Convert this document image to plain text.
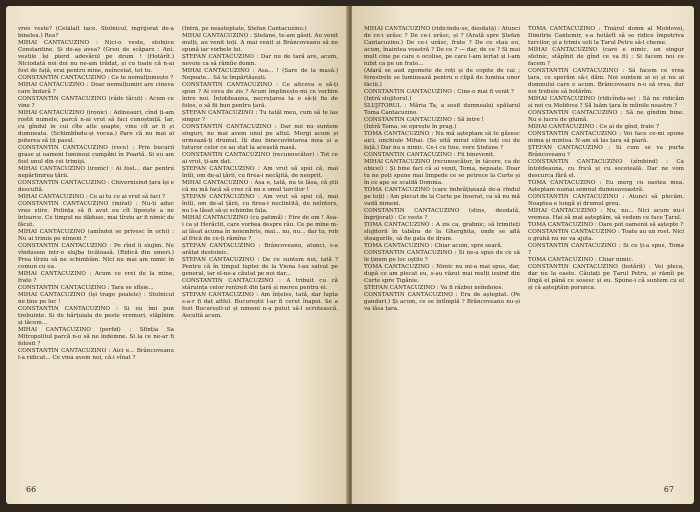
vreo veste? (Celălalt tace. Stolnicul, îngrijorat de-a binelea.) Rea?

MIHAI CANTACUZINO : Nici-o veste, stolnice Constantine. Și de-aș avea? (Greu de scăpare : Ani, veștile își pierd adevărul pe drum ! (Hotărît.) Niciodată noi doi nu ne-am trădat, și cu toate că n-ai fost de față, erai pentru mine, neîncetat, tot tu.

CONSTANTIN CANTACUZINO : Ce te nemulțumește ?

MIHAI CANTACUZINO : Doar nemulțumiri are cineva care îndură ?

CONSTANTIN CANTACUZINO (râde tăcut) : Acum ce vine ?

MIHAI CANTACUZINO (ironic) : Adineauri, cînd ți-am rostit numele, parcă n-ai vrut să faci cunoștință. Iar, cu gîndul în cui cîte alte șoapte, vine cît ar fi și dumneata. (Schimbîndu-și vocea.) Pare că nu mai ai puterea să ții pasul.

CONSTANTIN CANTACUZINO (rece) : Prin bucurii grase și oameni luminoși cumpăni în Poartă. Si eu am fost unul din cei trimiși.

MIHAI CANTACUZINO (ironic) : Ai fost... dar pentru nepărtinirea țării.

CONSTANTIN CANTACUZINO : Chivernisind țara își e descultă.

MIHAI CANTACUZINO : Ce ai tu ce ai vrut să faci ?

CONSTANTIN CANTACUZINO (mirat) : Nu-ți aduc vreo știre. Putința să fi avut eu cît lipsește a ne întoarce. Ce timpul ne dăduse, mai tîrziu ar fi nimic de făcut.

MIHAI CANTACUZINO (amîndoi se privesc în ochi) : Nu ai trimis pe nimeni ?

CONSTANTIN CANTACUZINO : Pe rînd îi slujim. Ne vîndusem intr-o slujba ticăloasă. (Ridică din umeri.) Prea tîrziu să ne schimbăm. Nici nu mai am nimic în comun cu ea.

MIHAI CANTACUZINO : Acum ce vrei de la mine, frate ?

CONSTANTIN CANTACUZINO : Tara se sfîșie...

MIHAI CANTACUZINO (își trage poalele) : Stolnicul ne ține pe loc !

CONSTANTIN CANTACUZINO : Si eu îmi pun trebuințe. Si de hărțuiala de peste vremuri, stăpînim și tăcem...

MIHAI CANTACUZINO (perfid) : Sfinția Sa Mitropolitul parcă n-o să ne îndemne. Si la ce ne-ar fi folosit ?

CONSTANTIN CANTACUZINO : Aici e... Brâncoveanu l-a ridicat... Ce vina avem noi, că-i vînat ?

(Intră, pe neașteptate, Ștefan Cantacuzino.)

MIHAI CANTACUZINO : Ștefane, te-am găsit. Au venit mulți, au venit toți. A mai venit și Brâncoveanu să ne spună iar vorbele lui.

ȘTEFAN CANTACUZINO : Dar nu de tară are, acum, nevoie ca să rămîie domn.

MIHAI CANTACUZINO : Asa... ! (Sare de la masă.) Nepoate... Să te împărtășești.

CONSTANTIN CANTACUZINO : Ce altceva o să-ți spun ? Ai ceva de zis ? Acum împlinește-mi ce vorbim între noi. Întotdeauna, necruțarea ta o să-ți fie de folos, o să fii bun pentru țară.

ȘTEFAN CANTACUZINO : Tu tatăl meu, cum să te las singur ?

CONSTANTIN CANTACUZINO : Dar noi nu suntem singuri, ne mai avem unul pe altul. Mergi acum și urmează-ți drumul, îți dau binecuvîntarea mea și a tuturor celor ce au stat la această masă.

CONSTANTIN CANTACUZINO (recunoscător) : Tot ce ai vrut, ți-am dat.

ȘTEFAN CANTACUZINO : Am vrut să spui că, mai întîi, om de-al țării, cu firea-i necăjită, de neoprit.

MIHAI CANTACUZINO : Asa e, tată, nu te lăsa, că știi că nu mă facă să crez că nu e omul turcilor !

ȘTEFAN CANTACUZINO : Am vrut să spui că, mai întîi, om de-al țării, cu firea-i neclintită, de neîntors, nu l-a lăsat să-și schimbe fața.

MIHAI CANTACUZINO (cu patimă) : Fire de om ! Asa-i ca și Herăclit, care vorbea despre râu. Ce pe mine m-ai lăsat acuma în noiembrie, mai... nu, nu... dar tu, rob al frică de ce-ți râmîne ?

ȘTEFAN CANTACUZINO : Brâncoveanu, atunci, s-a arătat destoinic.

ȘTEFAN CANTACUZINO : De ce suntem noi, tată ? Pentru că în timpul luptei de la Viena l-au salvat pe general, iar el-ne-a căutat pe noi dar...

CONSTANTIN CANTACUZINO : A tribuit cu că stăruința celor rentreit din țară și mereu pentru ei.

ȘTEFAN CANTACUZINO : Am înțeles, tată, dar lupta s-a-r fi dat altfel. Bucureștii l-ar fi cerut înapoi. Se a fost București-ul și nimeni n-a putut să-l ocrotească. Ascultă acum.

66

MIHAI CANTACUZINO (ridicîndu-se, deodată) : Atunci de ce-i urăsc ? De ce-i urăsc, și ? (Arată spre Ștefan Cantacuzino.) De ce-i urăsc, frate ? De ce stau eu, acum, înaintea voastră ? De ce ? — dar, de ce ? Si mai mult cine pe care o ocolise, pe care l-am iertat și l-am iubit ca pe un frate...

(Afară se aud zgomote de roți și de copite de cai ; ferestrele se luminează pentru o clipă de lumina unor făclii.)

CONSTANTIN CANTACUZINO : Cine-o mai fi venit ?

(Intră slujitorul.)

SLUJITORUL : Măria Ta, a sosit dumnealui spătarul Toma Cantacuzino.

CONSTANTIN CANTACUZINO : Să intre !

(Intră Toma, se oprește în prag.)

TOMA CANTACUZINO : Nu mă așteptam să te găsesc aici, unchiule Mihai. (Se uită mirat către toți cei de față.) Dar nu e nimic. Ce-i cu tine, vere Ștefane ?

CONSTANTIN CANTACUZINO : Fii binevenit.

MIHAI CANTACUZINO (recunoscător, în tăcere, ca de obicei) : Și bine faci că ai venit, Toma, nepoate. Doar tu ne poți spune mai limpede ce se petrece la Curte și în ce ape se scaldă Domnia.

TOMA CANTACUZINO (care îmbrățișează de-a rîndul pe toți) : Am plecat de la Curte pe înserat, ca să nu mă vadă nimeni.

CONSTANTIN CANTACUZINO (stins, deodată, îngrijorat) : Ce veste ?

TOMA CANTACUZINO : A zis ca, grabnic, să trimiteți slujitorii în tabăra de la Gherghița, unde se află steagurile, să fie gata de drum.

TOMA CANTACUZINO : Chiar acum, spre seară.

CONSTANTIN CANTACUZINO : Si ne-a spus de ce să le ținem pe loc oștile ?

TOMA CANTACUZINO : Nimic nu mi-a mai spus, dar, după ce am plecat eu, s-au văzut mai mulți ieșind din Curte spre Țigănie.

ȘTEFAN CANTACUZINO : Va fi război neîndoios.

CONSTANTIN CANTACUZINO : Era de așteptat. (Pe ganduri.) Și acum, ce se întîmplă ? Brâncoveanu nu-și va lăsa țara.

TOMA CANTACUZINO : Tînărul domn al Moldovei, Dimitrie Cantemir, s-a hotărît să se ridice împotriva turcilor, și a trimis soli la Țarul Petru să-l cheme.

MIHAI CANTACUZINO (care e nimic, un singur sfetnic, stăpînit de gînd ce va fi) : Si facem noi ce facem ?

CONSTANTIN CANTACUZINO : Să facem ce vrea țara, ce sperăm să-i dăm. Noi suntem ai ei și nu ai domnului care e acum. Brâncoveanu n-o să vrea, dar noi trebuie să hotărîm.

MIHAI CANTACUZINO (ridicîndu-se) : Să ne ridicăm și noi cu Moldova ? Să luăm țara în mîinile noastre ?

CONSTANTIN CANTACUZINO : Să ne gîndim bine. Nu e lucru de glumă.

MIHAI CANTACUZINO : Ce ai de gînd, frate ?

CONSTANTIN CANTACUZINO : Voi face ce-mi spune inima și mintea. N-am să las țara să piară.

ȘTEFAN CANTACUZINO : Si cum se va purta Brâncoveanu ?

CONSTANTIN CANTACUZINO (zîmbind) : Ca întotdeauna, cu frică și cu socoteală. Dar ne vom descurca fără el.

TOMA CANTACUZINO : Eu merg cu oastea mea. Așteptam numai semnul dumneavoastră.

CONSTANTIN CANTACUZINO : Atunci să plecăm. Noaptea e lungă și drumul greu.

MIHAI CANTACUZINO : Nu, nu... Nici acum nu-i vremea. Hai să mai așteptăm, să vedem ce face Țarul.

TOMA CANTACUZINO : Oare pot oamenii să aștepte ?

CONSTANTIN CANTACUZINO : Toate au un rost. Nici o grabă nu ne va ajuta.

CONSTANTIN CANTACUZINO : Si ce ți-a spus, Toma ?

TOMA CANTACUZINO : Chiar nimic.

CONSTANTIN CANTACUZINO (hotărît) : Vei pleca, dar nu la oaste. Căutați pe Țarul Petru, și rămîi pe lîngă el până ce sosesc și eu. Spune-i că suntem cu el și că așteptăm porunca.

67
